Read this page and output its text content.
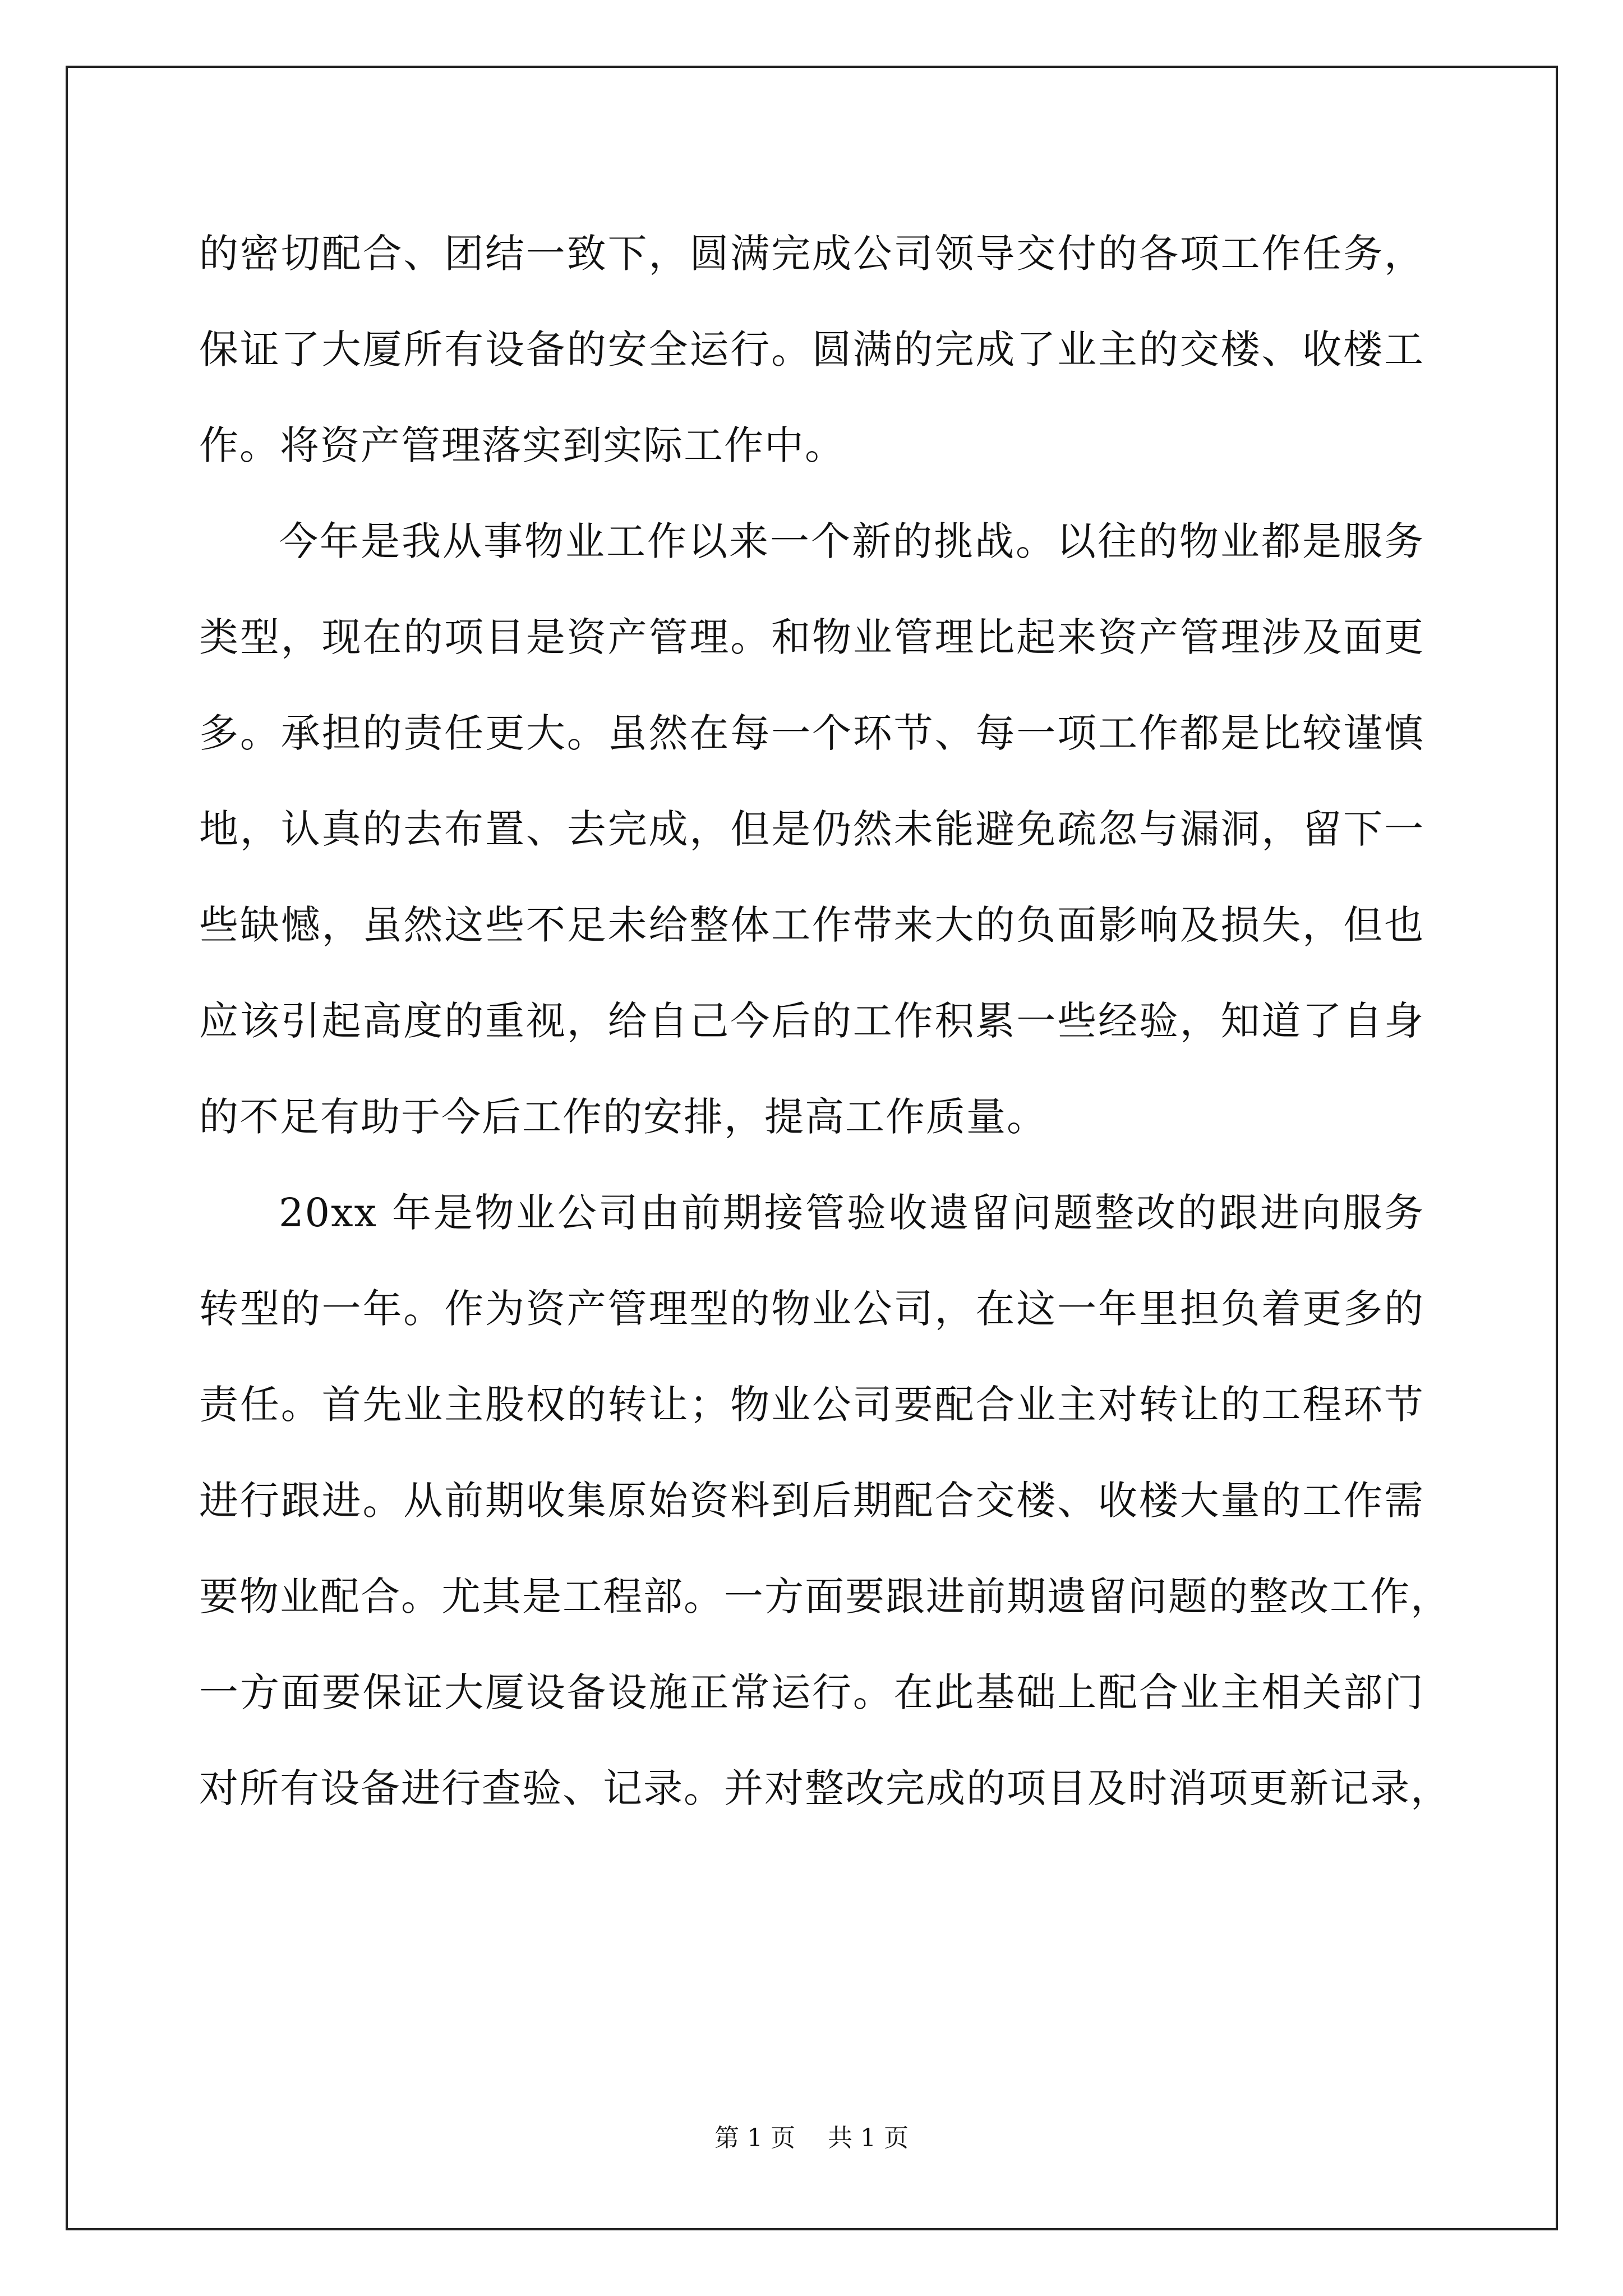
的密切配合、团结一致下，圆满完成公司领导交付的各项工作任务，
保证了大厦所有设备的安全运行。圆满的完成了业主的交楼、收楼工
作。将资产管理落实到实际工作中。
今年是我从事物业工作以来一个新的挑战。以往的物业都是服务
类型，现在的项目是资产管理。和物业管理比起来资产管理涉及面更
多。承担的责任更大。虽然在每一个环节、每一项工作都是比较谨慎
地，认真的去布置、去完成，但是仍然未能避免疏忽与漏洞，留下一
些缺憾，虽然这些不足未给整体工作带来大的负面影响及损失，但也
应该引起高度的重视，给自己今后的工作积累一些经验，知道了自身
的不足有助于今后工作的安排，提高工作质量。
20xx 年是物业公司由前期接管验收遗留问题整改的跟进向服务
转型的一年。作为资产管理型的物业公司，在这一年里担负着更多的
责任。首先业主股权的转让；物业公司要配合业主对转让的工程环节
进行跟进。从前期收集原始资料到后期配合交楼、收楼大量的工作需
要物业配合。尤其是工程部。一方面要跟进前期遗留问题的整改工作，
一方面要保证大厦设备设施正常运行。在此基础上配合业主相关部门
对所有设备进行查验、记录。并对整改完成的项目及时消项更新记录，
第 1 页 共 1 页
